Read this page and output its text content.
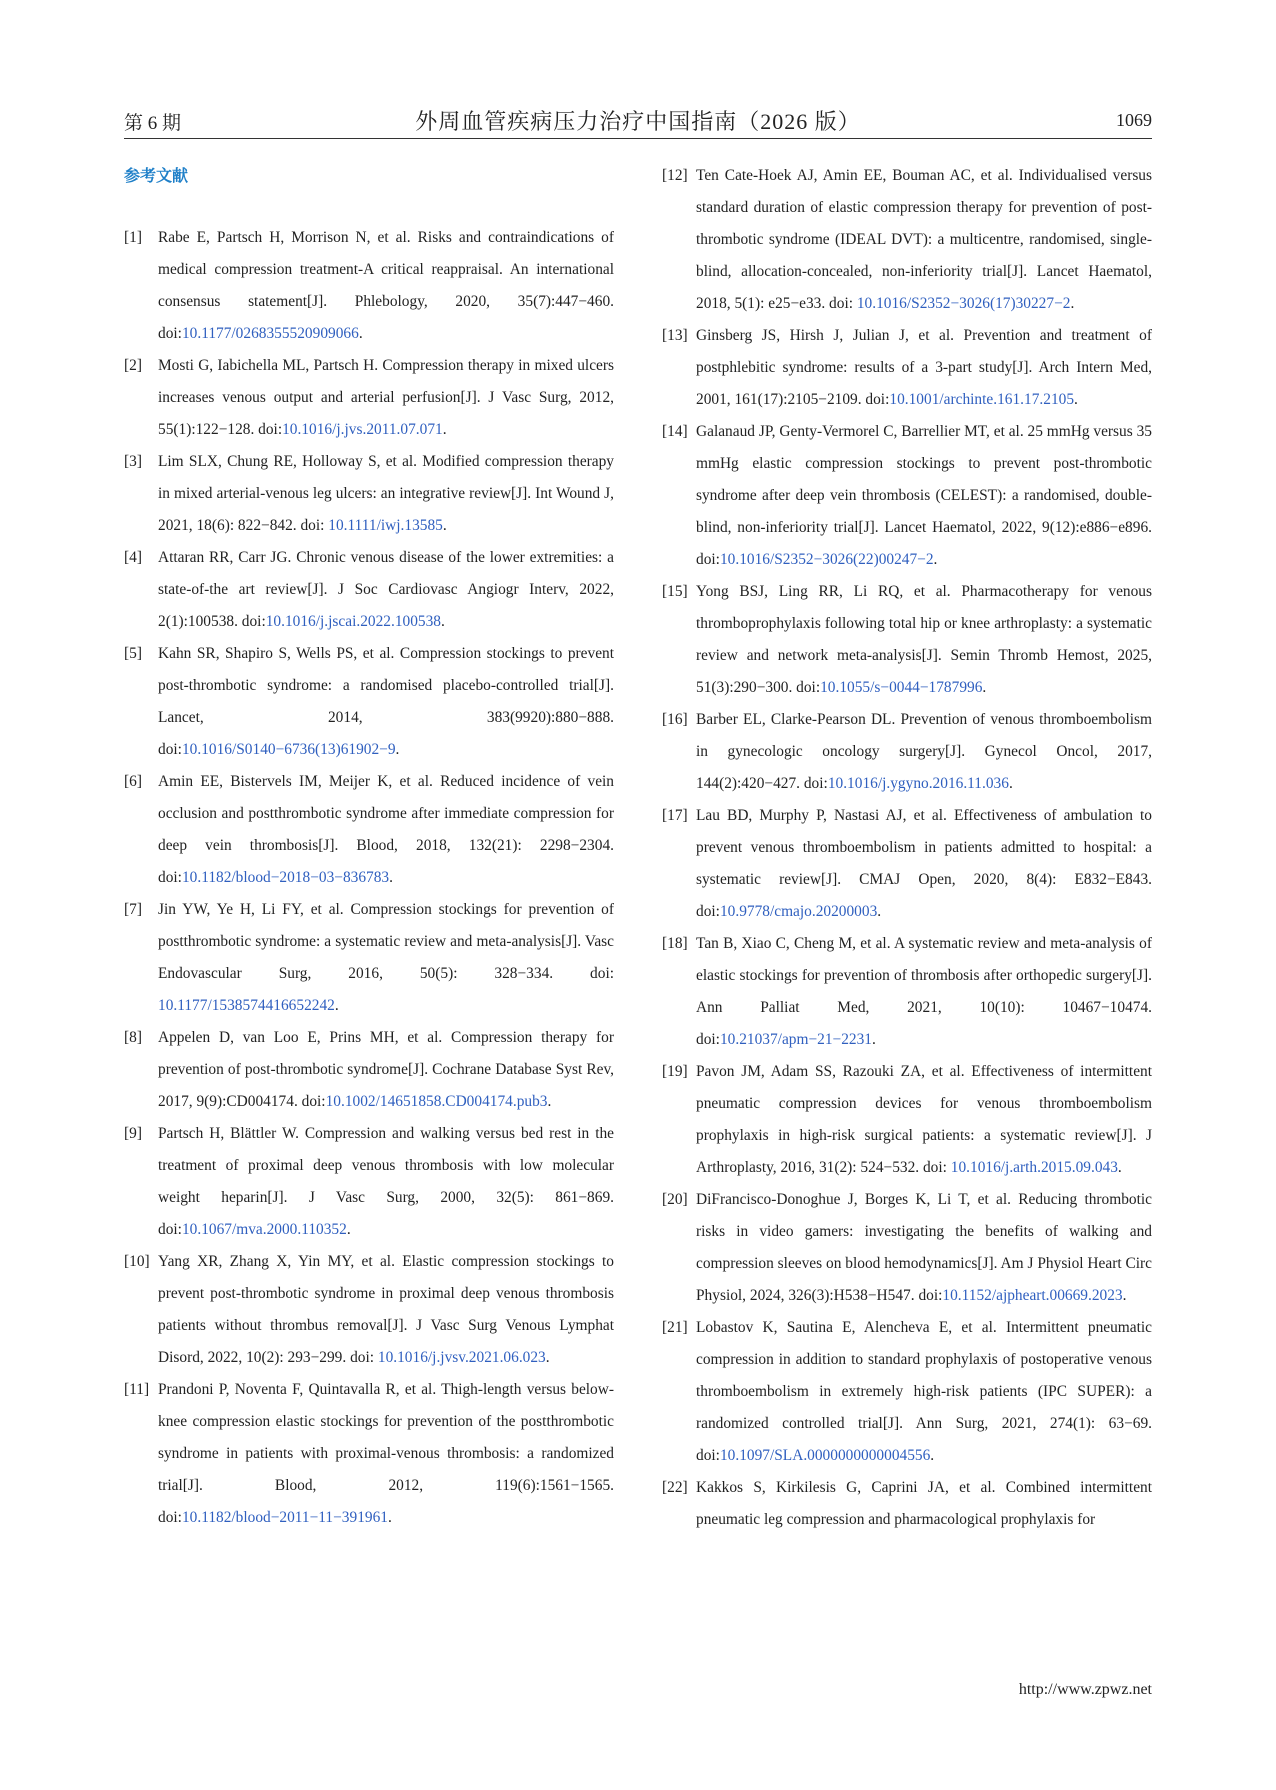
第 6 期	外周血管疾病压力治疗中国指南（2026 版）	1069
参考文献
[1] Rabe E, Partsch H, Morrison N, et al. Risks and contraindications of medical compression treatment-A critical reappraisal. An international consensus statement[J]. Phlebology, 2020, 35(7):447−460. doi:10.1177/0268355520909066.
[2] Mosti G, Iabichella ML, Partsch H. Compression therapy in mixed ulcers increases venous output and arterial perfusion[J]. J Vasc Surg, 2012, 55(1):122−128. doi:10.1016/j.jvs.2011.07.071.
[3] Lim SLX, Chung RE, Holloway S, et al. Modified compression therapy in mixed arterial-venous leg ulcers: an integrative review[J]. Int Wound J, 2021, 18(6): 822−842. doi: 10.1111/iwj.13585.
[4] Attaran RR, Carr JG. Chronic venous disease of the lower extremities: a state-of-the art review[J]. J Soc Cardiovasc Angiogr Interv, 2022, 2(1):100538. doi:10.1016/j.jscai.2022.100538.
[5] Kahn SR, Shapiro S, Wells PS, et al. Compression stockings to prevent post-thrombotic syndrome: a randomised placebo-controlled trial[J]. Lancet, 2014, 383(9920):880−888. doi:10.1016/S0140−6736(13)61902−9.
[6] Amin EE, Bistervels IM, Meijer K, et al. Reduced incidence of vein occlusion and postthrombotic syndrome after immediate compression for deep vein thrombosis[J]. Blood, 2018, 132(21): 2298−2304. doi:10.1182/blood−2018−03−836783.
[7] Jin YW, Ye H, Li FY, et al. Compression stockings for prevention of postthrombotic syndrome: a systematic review and meta-analysis[J]. Vasc Endovascular Surg, 2016, 50(5): 328−334. doi: 10.1177/1538574416652242.
[8] Appelen D, van Loo E, Prins MH, et al. Compression therapy for prevention of post-thrombotic syndrome[J]. Cochrane Database Syst Rev, 2017, 9(9):CD004174. doi:10.1002/14651858.CD004174.pub3.
[9] Partsch H, Blättler W. Compression and walking versus bed rest in the treatment of proximal deep venous thrombosis with low molecular weight heparin[J]. J Vasc Surg, 2000, 32(5): 861−869. doi:10.1067/mva.2000.110352.
[10] Yang XR, Zhang X, Yin MY, et al. Elastic compression stockings to prevent post-thrombotic syndrome in proximal deep venous thrombosis patients without thrombus removal[J]. J Vasc Surg Venous Lymphat Disord, 2022, 10(2): 293−299. doi: 10.1016/j.jvsv.2021.06.023.
[11] Prandoni P, Noventa F, Quintavalla R, et al. Thigh-length versus below-knee compression elastic stockings for prevention of the postthrombotic syndrome in patients with proximal-venous thrombosis: a randomized trial[J]. Blood, 2012, 119(6):1561−1565. doi:10.1182/blood−2011−11−391961.
[12] Ten Cate-Hoek AJ, Amin EE, Bouman AC, et al. Individualised versus standard duration of elastic compression therapy for prevention of post-thrombotic syndrome (IDEAL DVT): a multicentre, randomised, single-blind, allocation-concealed, non-inferiority trial[J]. Lancet Haematol, 2018, 5(1): e25−e33. doi: 10.1016/S2352−3026(17)30227−2.
[13] Ginsberg JS, Hirsh J, Julian J, et al. Prevention and treatment of postphlebitic syndrome: results of a 3-part study[J]. Arch Intern Med, 2001, 161(17):2105−2109. doi:10.1001/archinte.161.17.2105.
[14] Galanaud JP, Genty-Vermorel C, Barrellier MT, et al. 25 mmHg versus 35 mmHg elastic compression stockings to prevent post-thrombotic syndrome after deep vein thrombosis (CELEST): a randomised, double-blind, non-inferiority trial[J]. Lancet Haematol, 2022, 9(12):e886−e896. doi:10.1016/S2352−3026(22)00247−2.
[15] Yong BSJ, Ling RR, Li RQ, et al. Pharmacotherapy for venous thromboprophylaxis following total hip or knee arthroplasty: a systematic review and network meta-analysis[J]. Semin Thromb Hemost, 2025, 51(3):290−300. doi:10.1055/s−0044−1787996.
[16] Barber EL, Clarke-Pearson DL. Prevention of venous thromboembolism in gynecologic oncology surgery[J]. Gynecol Oncol, 2017, 144(2):420−427. doi:10.1016/j.ygyno.2016.11.036.
[17] Lau BD, Murphy P, Nastasi AJ, et al. Effectiveness of ambulation to prevent venous thromboembolism in patients admitted to hospital: a systematic review[J]. CMAJ Open, 2020, 8(4): E832−E843. doi:10.9778/cmajo.20200003.
[18] Tan B, Xiao C, Cheng M, et al. A systematic review and meta-analysis of elastic stockings for prevention of thrombosis after orthopedic surgery[J]. Ann Palliat Med, 2021, 10(10): 10467−10474. doi:10.21037/apm−21−2231.
[19] Pavon JM, Adam SS, Razouki ZA, et al. Effectiveness of intermittent pneumatic compression devices for venous thromboembolism prophylaxis in high-risk surgical patients: a systematic review[J]. J Arthroplasty, 2016, 31(2): 524−532. doi: 10.1016/j.arth.2015.09.043.
[20] DiFrancisco-Donoghue J, Borges K, Li T, et al. Reducing thrombotic risks in video gamers: investigating the benefits of walking and compression sleeves on blood hemodynamics[J]. Am J Physiol Heart Circ Physiol, 2024, 326(3):H538−H547. doi:10.1152/ajpheart.00669.2023.
[21] Lobastov K, Sautina E, Alencheva E, et al. Intermittent pneumatic compression in addition to standard prophylaxis of postoperative venous thromboembolism in extremely high-risk patients (IPC SUPER): a randomized controlled trial[J]. Ann Surg, 2021, 274(1): 63−69. doi:10.1097/SLA.0000000000004556.
[22] Kakkos S, Kirkilesis G, Caprini JA, et al. Combined intermittent pneumatic leg compression and pharmacological prophylaxis for
http://www.zpwz.net
